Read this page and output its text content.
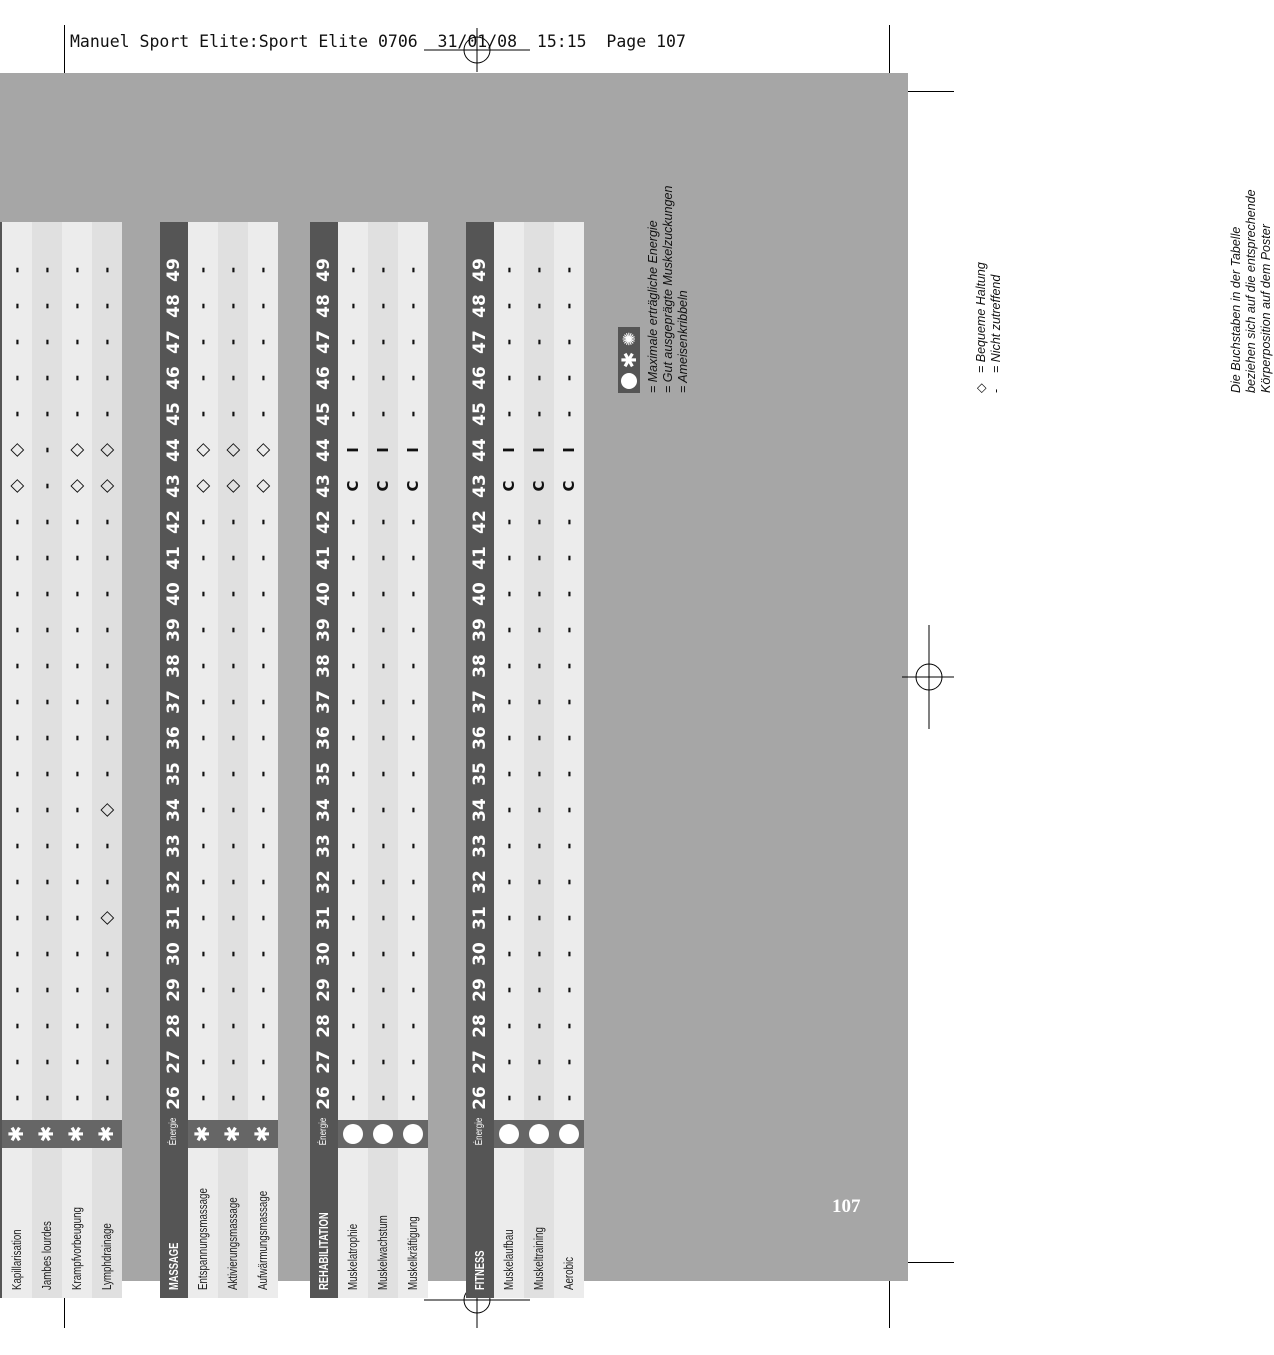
Manuel Sport Elite:Sport Elite 0706  31/01/08  15:15  Page 107
Kapillarisation
✱
-
-
-
-
-
-
-
-
-
-
-
-
-
-
-
-
-
◇
◇
-
-
-
-
-
Jambes lourdes
✱
-
-
-
-
-
-
-
-
-
-
-
-
-
-
-
-
-
-
-
-
-
-
-
-
Krampfvorbeugung
✱
-
-
-
-
-
-
-
-
-
-
-
-
-
-
-
-
-
◇
◇
-
-
-
-
-
Lymphdrainage
✱
-
-
-
-
-
◇
-
-
◇
-
-
-
-
-
-
-
-
◇
◇
-
-
-
-
-
MASSAGE
Énergie
26
27
28
29
30
31
32
33
34
35
36
37
38
39
40
41
42
43
44
45
46
47
48
49
Entspannungsmassage
✱
-
-
-
-
-
-
-
-
-
-
-
-
-
-
-
-
-
◇
◇
-
-
-
-
-
Aktivierungsmassage
✱
-
-
-
-
-
-
-
-
-
-
-
-
-
-
-
-
-
◇
◇
-
-
-
-
-
Aufwärmungsmassage
✱
-
-
-
-
-
-
-
-
-
-
-
-
-
-
-
-
-
◇
◇
-
-
-
-
-
REHABILITATION
Énergie
26
27
28
29
30
31
32
33
34
35
36
37
38
39
40
41
42
43
44
45
46
47
48
49
Muskelatrophie
-
-
-
-
-
-
-
-
-
-
-
-
-
-
-
-
-
C
I
-
-
-
-
-
Muskelwachstum
-
-
-
-
-
-
-
-
-
-
-
-
-
-
-
-
-
C
I
-
-
-
-
-
Muskelkräftigung
-
-
-
-
-
-
-
-
-
-
-
-
-
-
-
-
-
C
I
-
-
-
-
-
FITNESS
Énergie
26
27
28
29
30
31
32
33
34
35
36
37
38
39
40
41
42
43
44
45
46
47
48
49
Muskelaufbau
-
-
-
-
-
-
-
-
-
-
-
-
-
-
-
-
-
C
I
-
-
-
-
-
Muskeltraining
-
-
-
-
-
-
-
-
-
-
-
-
-
-
-
-
-
C
I
-
-
-
-
-
Aerobic
-
-
-
-
-
-
-
-
-
-
-
-
-
-
-
-
-
C
I
-
-
-
-
-
✱
✺ = Maximale erträgliche Energie = Gut ausgeprägte Muskelzuckungen = Ameisenkribbeln	◇= Bequeme Haltung
-= Nicht zutreffend	Die Buchstaben in der Tabelle beziehen sich auf die entsprechende Körperposition auf dem Poster
107
